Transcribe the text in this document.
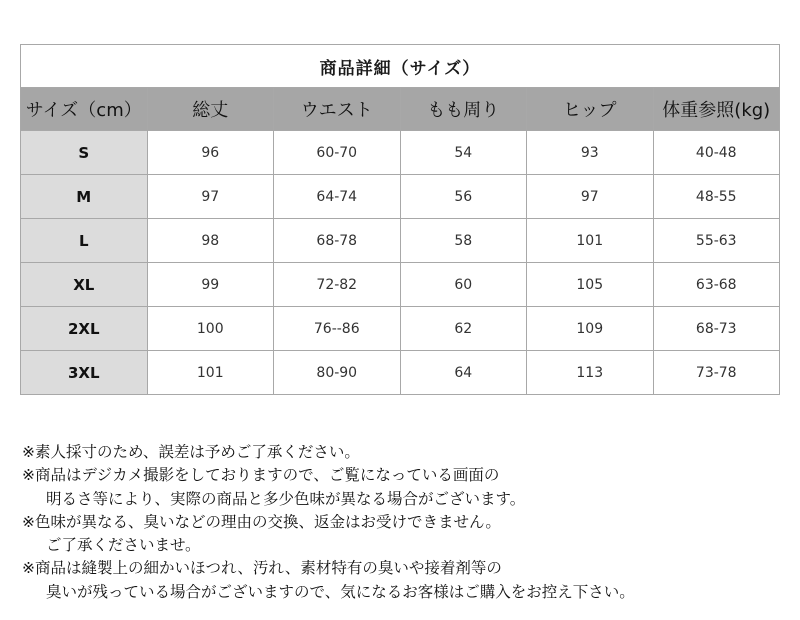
商品詳細（サイズ）					
サイズ（cm）	総丈	ウエスト	もも周り	ヒップ	体重参照(kg)
S	96	60-70	54	93	40-48
M	97	64-74	56	97	48-55
L	98	68-78	58	101	55-63
XL	99	72-82	60	105	63-68
2XL	100	76--86	62	109	68-73
3XL	101	80-90	64	113	73-78
※素人採寸のため、誤差は予めご了承ください。
※商品はデジカメ撮影をしておりますので、ご覧になっている画面の
明るさ等により、実際の商品と多少色味が異なる場合がございます。
※色味が異なる、臭いなどの理由の交換、返金はお受けできません。
ご了承くださいませ。
※商品は縫製上の細かいほつれ、汚れ、素材特有の臭いや接着剤等の
臭いが残っている場合がございますので、気になるお客様はご購入をお控え下さい。
